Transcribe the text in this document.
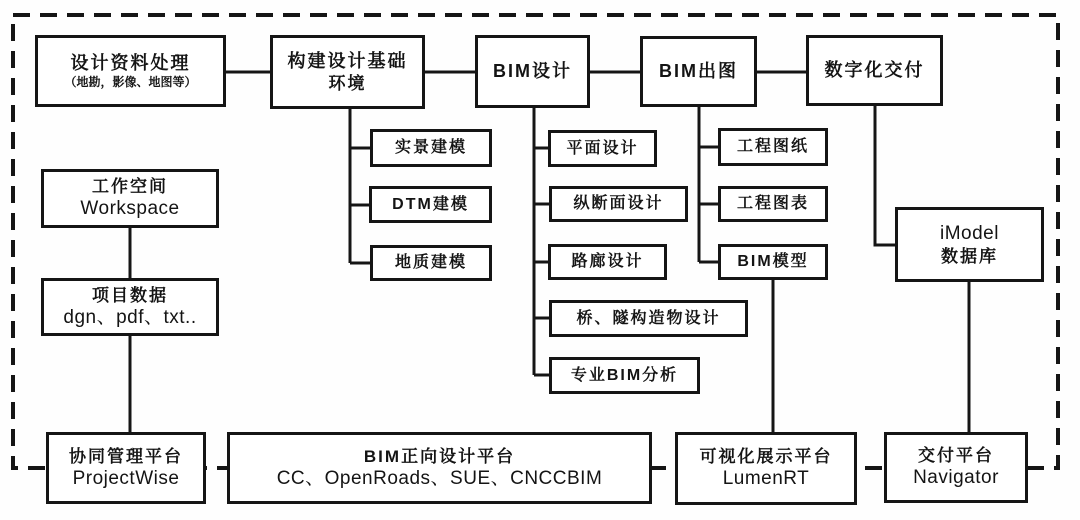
设计资料处理
（地勘，影像、地图等）
构建设计基础
环境
BIM设计	BIM出图	数字化交付
实景建模
DTM建模
地质建模
平面设计
纵断面设计
路廊设计
桥、隧构造物设计
专业BIM分析
工程图纸
工程图表
BIM模型
iModel
数据库
工作空间
Workspace
项目数据
dgn、pdf、txt..
协同管理平台
ProjectWise
BIM正向设计平台
CC、OpenRoads、SUE、CNCCBIM
可视化展示平台
LumenRT
交付平台
Navigator
